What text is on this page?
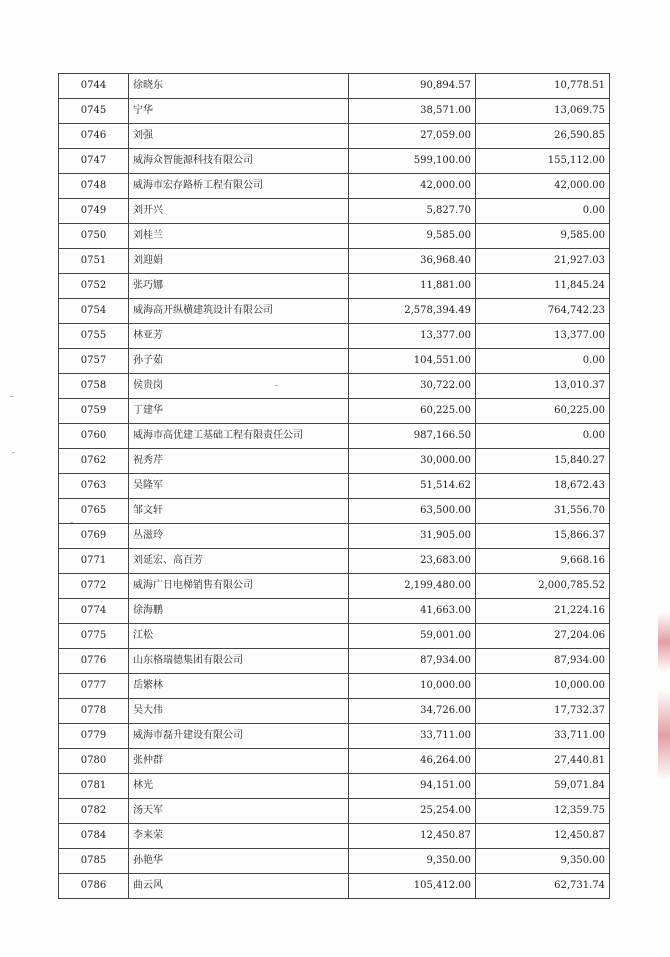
0744	徐晓东	90,894.57	10,778.51
0745	宁华	38,571.00	13,069.75
0746	刘强	27,059.00	26,590.85
0747	威海众智能源科技有限公司	599,100.00	155,112.00
0748	威海市宏存路桥工程有限公司	42,000.00	42,000.00
0749	刘开兴	5,827.70	0.00
0750	刘桂兰	9,585.00	9,585.00
0751	刘迎娟	36,968.40	21,927.03
0752	张巧娜	11,881.00	11,845.24
0754	威海高开纵横建筑设计有限公司	2,578,394.49	764,742.23
0755	林亚芳	13,377.00	13,377.00
0757	孙子茹	104,551.00	0.00
0758	侯贵岗	30,722.00	13,010.37
0759	丁建华	60,225.00	60,225.00
0760	威海市高优建工基础工程有限责任公司	987,166.50	0.00
0762	祝秀芹	30,000.00	15,840.27
0763	吴隆军	51,514.62	18,672.43
0765	邹文轩	63,500.00	31,556.70
0769	丛滋玲	31,905.00	15,866.37
0771	刘延宏、高百芳	23,683.00	9,668.16
0772	威海广日电梯销售有限公司	2,199,480.00	2,000,785.52
0774	徐海鹏	41,663.00	21,224.16
0775	江松	59,001.00	27,204.06
0776	山东格瑞德集团有限公司	87,934.00	87,934.00
0777	岳繁林	10,000.00	10,000.00
0778	吴大伟	34,726.00	17,732.37
0779	威海市磊升建设有限公司	33,711.00	33,711.00
0780	张仲群	46,264.00	27,440.81
0781	林光	94,151.00	59,071.84
0782	汤天军	25,254.00	12,359.75
0784	李来荣	12,450.87	12,450.87
0785	孙艳华	9,350.00	9,350.00
0786	曲云风	105,412.00	62,731.74
